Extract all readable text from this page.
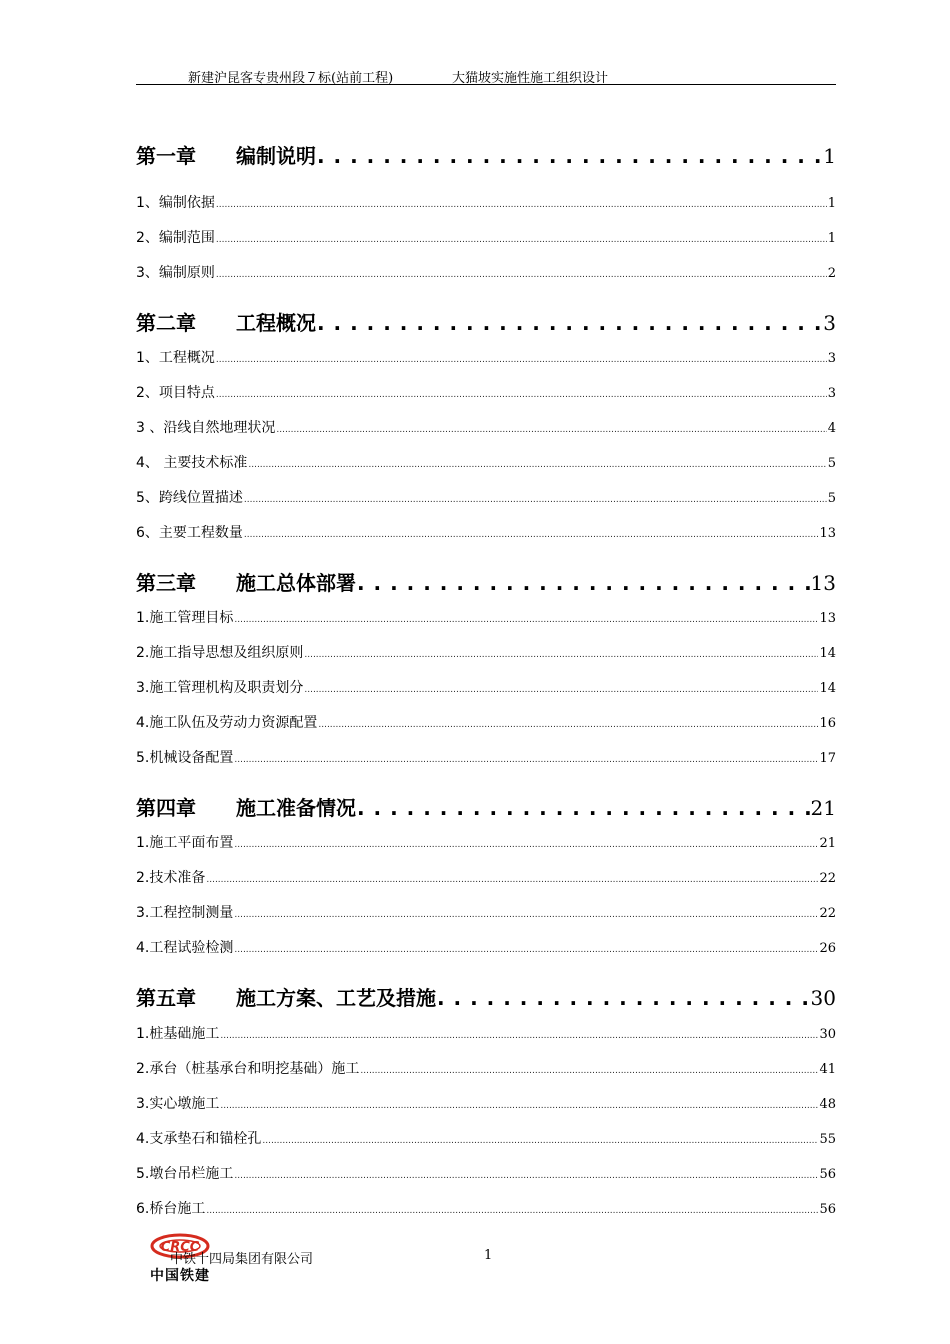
新建沪昆客专贵州段７标(站前工程)	大猫坡实施性施工组织设计
第一章	编制说明 . . .	1
1、编制依据 .....	1
2、编制范围 .....	1
3、编制原则 .....	2
第二章	工程概况 . . .	3
1、工程概况 .....	3
2、项目特点 .....	3
3 、沿线自然地理状况 .....	4
4、 主要技术标准 .....	5
5、跨线位置描述 .....	5
6、主要工程数量 .....	13
第三章	施工总体部署 . . .	13
1.施工管理目标 .....	13
2.施工指导思想及组织原则 .....	14
3.施工管理机构及职责划分 .....	14
4.施工队伍及劳动力资源配置 .....	16
5.机械设备配置 .....	17
第四章	施工准备情况 . . .	21
1.施工平面布置 .....	21
2.技术准备 .....	22
3.工程控制测量 .....	22
4.工程试验检测 .....	26
第五章	施工方案、工艺及措施 . . .	30
1.桩基础施工 .....	30
2.承台（桩基承台和明挖基础）施工 .....	41
3.实心墩施工 .....	48
4.支承垫石和锚栓孔 .....	55
5.墩台吊栏施工 .....	56
6.桥台施工 .....	56
CRCC
中国铁建
中铁十四局集团有限公司	1
